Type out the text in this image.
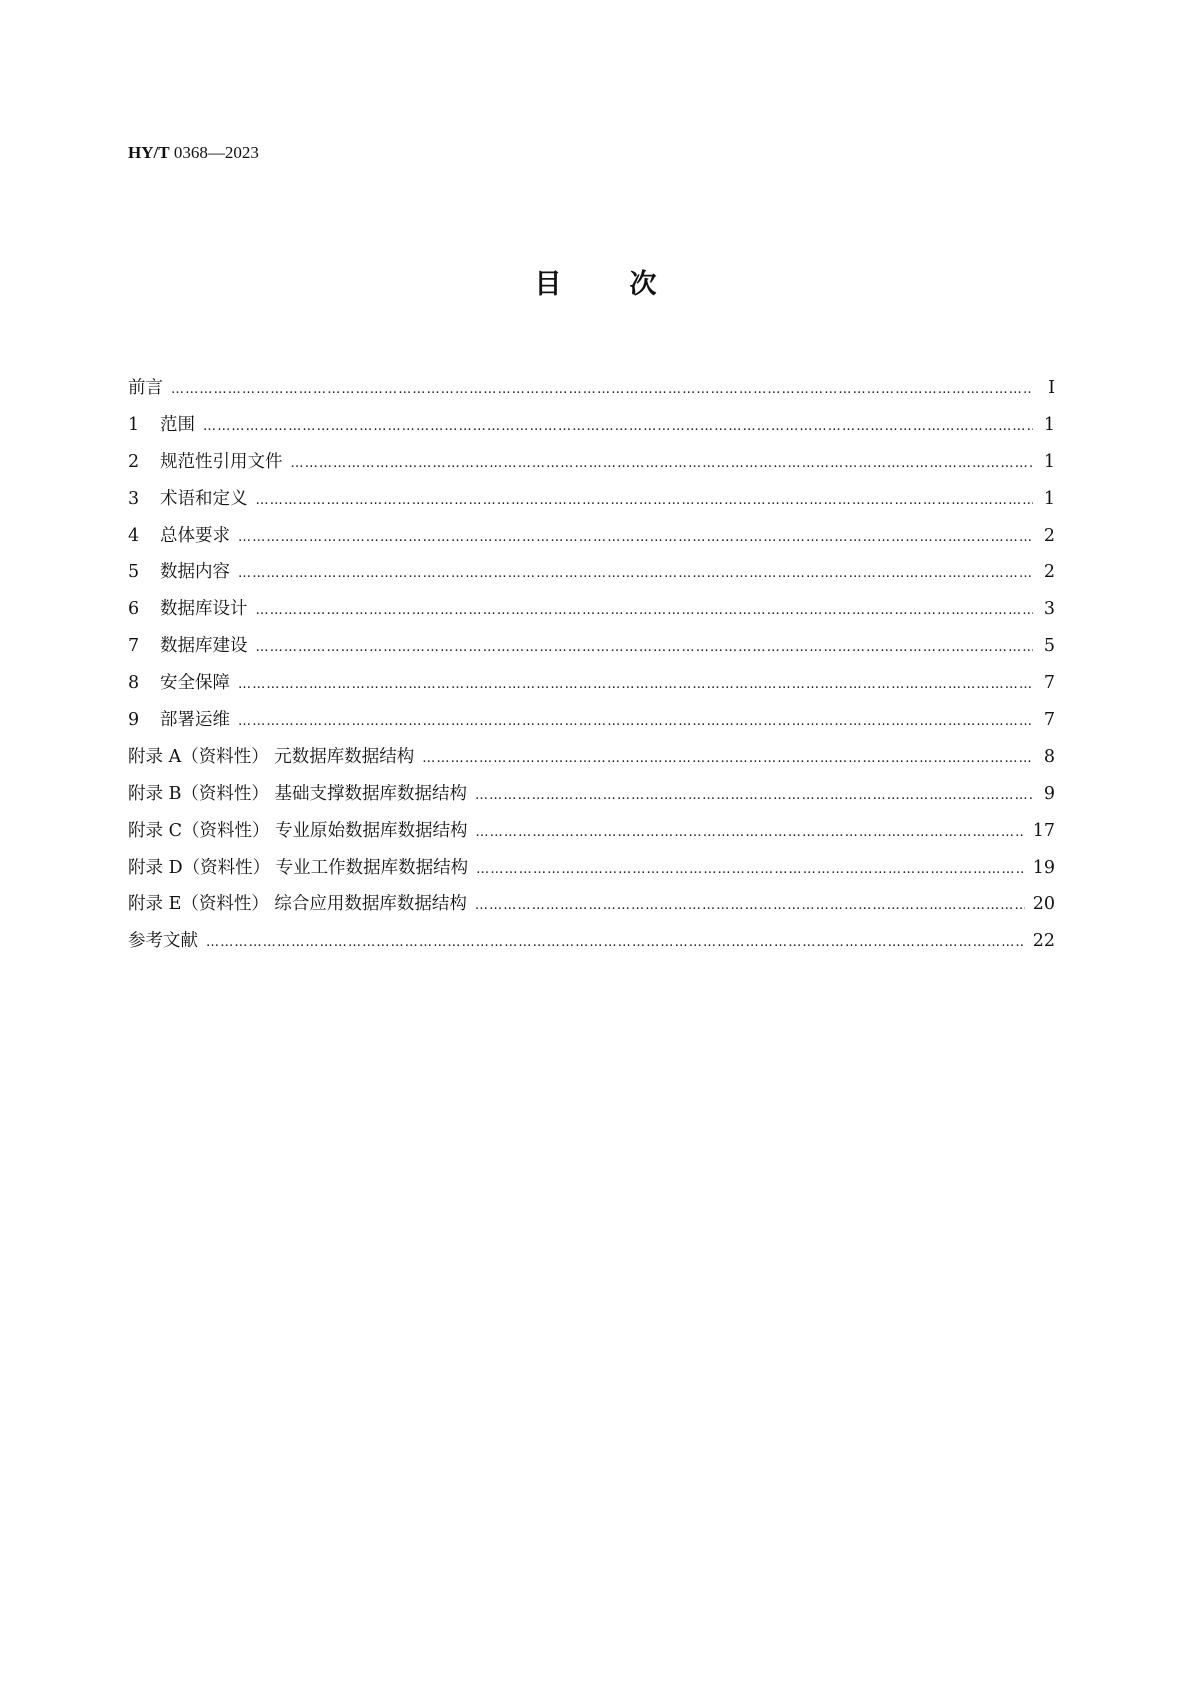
HY/T 0368—2023
目	次
前言 …………………………………………………………………………………………………………………………………………………………………………………………………………………………………………………………	Ⅰ
1	范围 …………………………………………………………………………………………………………………………………………………………………………………………………………………………………………………………	1
2	规范性引用文件 …………………………………………………………………………………………………………………………………………………………………………………………………………………………………………………………	1
3	术语和定义 …………………………………………………………………………………………………………………………………………………………………………………………………………………………………………………………	1
4	总体要求 …………………………………………………………………………………………………………………………………………………………………………………………………………………………………………………………	2
5	数据内容 …………………………………………………………………………………………………………………………………………………………………………………………………………………………………………………………	2
6	数据库设计 …………………………………………………………………………………………………………………………………………………………………………………………………………………………………………………………	3
7	数据库建设 …………………………………………………………………………………………………………………………………………………………………………………………………………………………………………………………	5
8	安全保障 …………………………………………………………………………………………………………………………………………………………………………………………………………………………………………………………	7
9	部署运维 …………………………………………………………………………………………………………………………………………………………………………………………………………………………………………………………	7
附录 A（资料性） 元数据库数据结构 …………………………………………………………………………………………………………………………………………………………………………………………………………………………………………………………	8
附录 B（资料性） 基础支撑数据库数据结构 …………………………………………………………………………………………………………………………………………………………………………………………………………………………………………………………	9
附录 C（资料性） 专业原始数据库数据结构 …………………………………………………………………………………………………………………………………………………………………………………………………………………………………………………………	17
附录 D（资料性） 专业工作数据库数据结构 …………………………………………………………………………………………………………………………………………………………………………………………………………………………………………………………	19
附录 E（资料性） 综合应用数据库数据结构 …………………………………………………………………………………………………………………………………………………………………………………………………………………………………………………………	20
参考文献 …………………………………………………………………………………………………………………………………………………………………………………………………………………………………………………………	22
